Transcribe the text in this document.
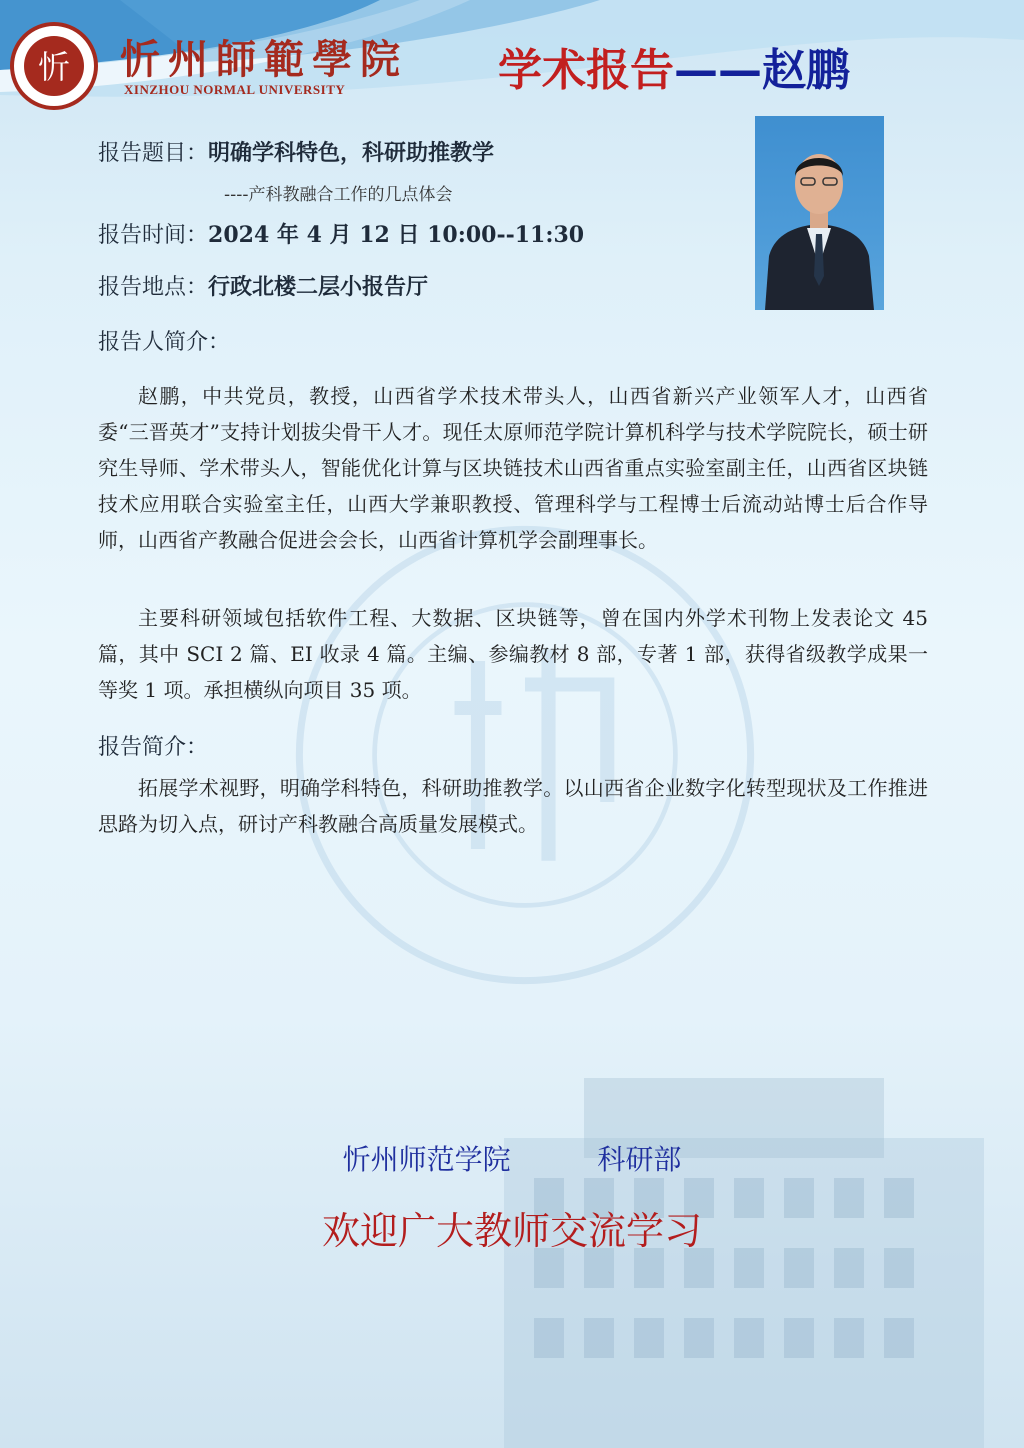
忻 忻州師範學院
XINZHOU NORMAL UNIVERSITY	学术报告——赵鹏
报告题目：明确学科特色，科研助推教学
----产科教融合工作的几点体会
报告时间：2024 年 4 月 12 日 10:00--11:30
报告地点：行政北楼二层小报告厅
报告人简介：

赵鹏，中共党员，教授，山西省学术技术带头人，山西省新兴产业领军人才，山西省委“三晋英才”支持计划拔尖骨干人才。现任太原师范学院计算机科学与技术学院院长，硕士研究生导师、学术带头人，智能优化计算与区块链技术山西省重点实验室副主任，山西省区块链技术应用联合实验室主任，山西大学兼职教授、管理科学与工程博士后流动站博士后合作导师，山西省产教融合促进会会长，山西省计算机学会副理事长。

主要科研领域包括软件工程、大数据、区块链等，曾在国内外学术刊物上发表论文 45 篇，其中 SCI 2 篇、EI 收录 4 篇。主编、参编教材 8 部，专著 1 部，获得省级教学成果一等奖 1 项。承担横纵向项目 35 项。

报告简介：

拓展学术视野，明确学科特色，科研助推教学。以山西省企业数字化转型现状及工作推进思路为切入点，研讨产科教融合高质量发展模式。

忻州师范学院   科研部
欢迎广大教师交流学习
